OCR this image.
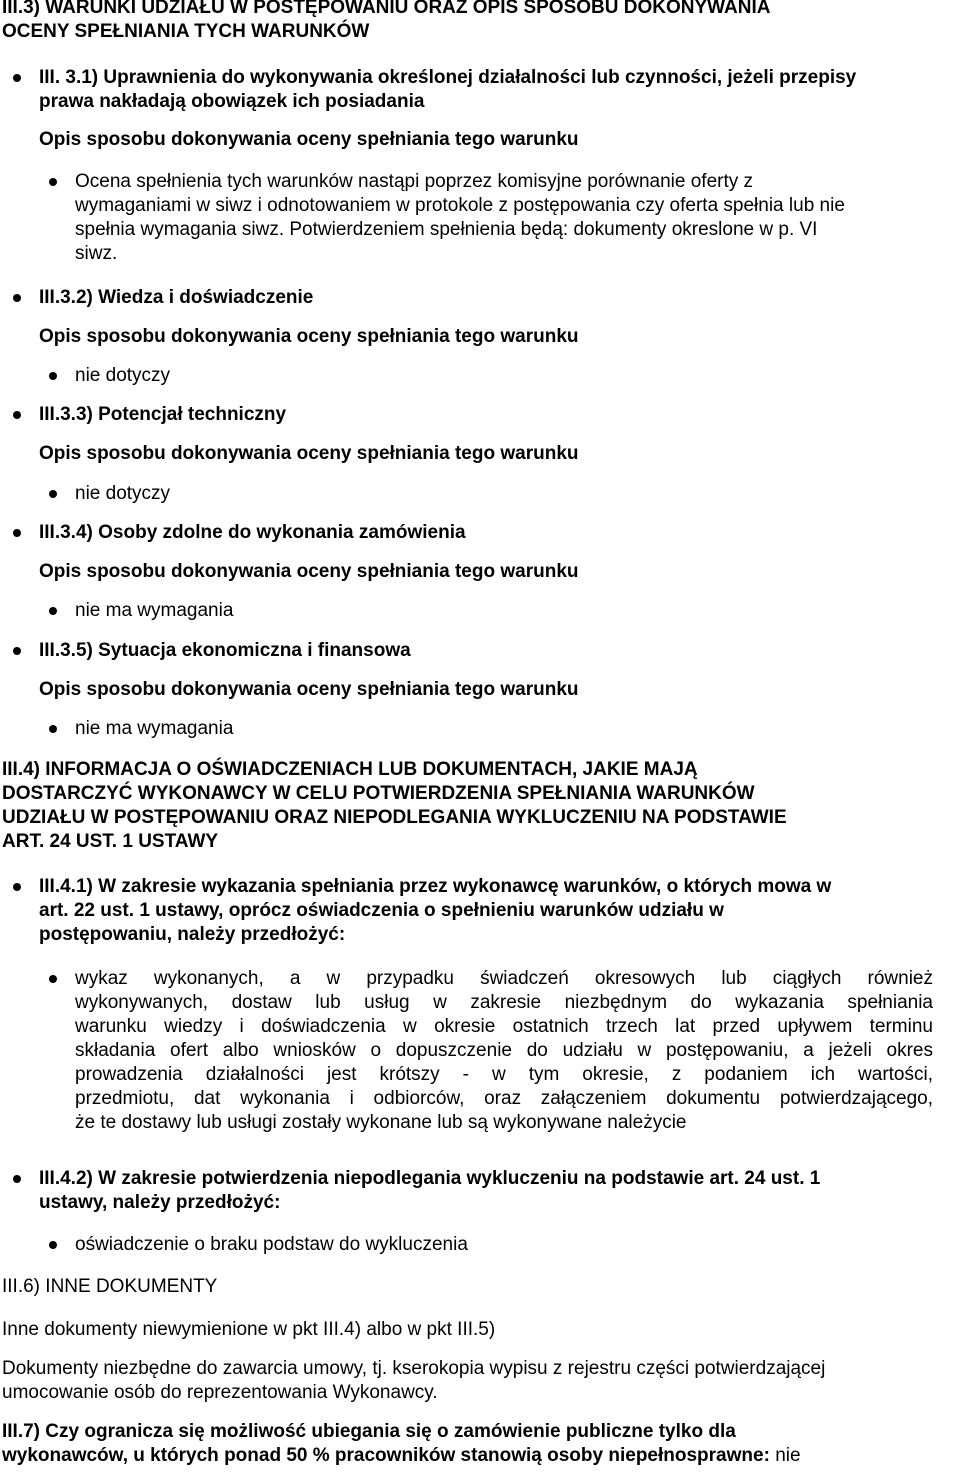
III.3) WARUNKI UDZIAŁU W POSTĘPOWANIU ORAZ OPIS SPOSOBU DOKONYWANIA
OCENY SPEŁNIANIA TYCH WARUNKÓW
III. 3.1) Uprawnienia do wykonywania określonej działalności lub czynności, jeżeli przepisy
prawa nakładają obowiązek ich posiadania
Opis sposobu dokonywania oceny spełniania tego warunku
Ocena spełnienia tych warunków nastąpi poprzez komisyjne porównanie oferty z
wymaganiami w siwz i odnotowaniem w protokole z postępowania czy oferta spełnia lub nie
spełnia wymagania siwz. Potwierdzeniem spełnienia będą: dokumenty okreslone w p. VI
siwz.
III.3.2) Wiedza i doświadczenie
Opis sposobu dokonywania oceny spełniania tego warunku
nie dotyczy
III.3.3) Potencjał techniczny
Opis sposobu dokonywania oceny spełniania tego warunku
nie dotyczy
III.3.4) Osoby zdolne do wykonania zamówienia
Opis sposobu dokonywania oceny spełniania tego warunku
nie ma wymagania
III.3.5) Sytuacja ekonomiczna i finansowa
Opis sposobu dokonywania oceny spełniania tego warunku
nie ma wymagania
III.4) INFORMACJA O OŚWIADCZENIACH LUB DOKUMENTACH, JAKIE MAJĄ
DOSTARCZYĆ WYKONAWCY W CELU POTWIERDZENIA SPEŁNIANIA WARUNKÓW
UDZIAŁU W POSTĘPOWANIU ORAZ NIEPODLEGANIA WYKLUCZENIU NA PODSTAWIE
ART. 24 UST. 1 USTAWY
III.4.1) W zakresie wykazania spełniania przez wykonawcę warunków, o których mowa w
art. 22 ust. 1 ustawy, oprócz oświadczenia o spełnieniu warunków udziału w
postępowaniu, należy przedłożyć:
wykaz wykonanych, a w przypadku świadczeń okresowych lub ciągłych również
wykonywanych, dostaw lub usług w zakresie niezbędnym do wykazania spełniania
warunku wiedzy i doświadczenia w okresie ostatnich trzech lat przed upływem terminu
składania ofert albo wniosków o dopuszczenie do udziału w postępowaniu, a jeżeli okres
prowadzenia działalności jest krótszy - w tym okresie, z podaniem ich wartości,
przedmiotu, dat wykonania i odbiorców, oraz załączeniem dokumentu potwierdzającego,
że te dostawy lub usługi zostały wykonane lub są wykonywane należycie
III.4.2) W zakresie potwierdzenia niepodlegania wykluczeniu na podstawie art. 24 ust. 1
ustawy, należy przedłożyć:
oświadczenie o braku podstaw do wykluczenia
III.6) INNE DOKUMENTY
Inne dokumenty niewymienione w pkt III.4) albo w pkt III.5)
Dokumenty niezbędne do zawarcia umowy, tj. kserokopia wypisu z rejestru części potwierdzającej
umocowanie osób do reprezentowania Wykonawcy.
III.7) Czy ogranicza się możliwość ubiegania się o zamówienie publiczne tylko dla
wykonawców, u których ponad 50 % pracowników stanowią osoby niepełnosprawne: nie
